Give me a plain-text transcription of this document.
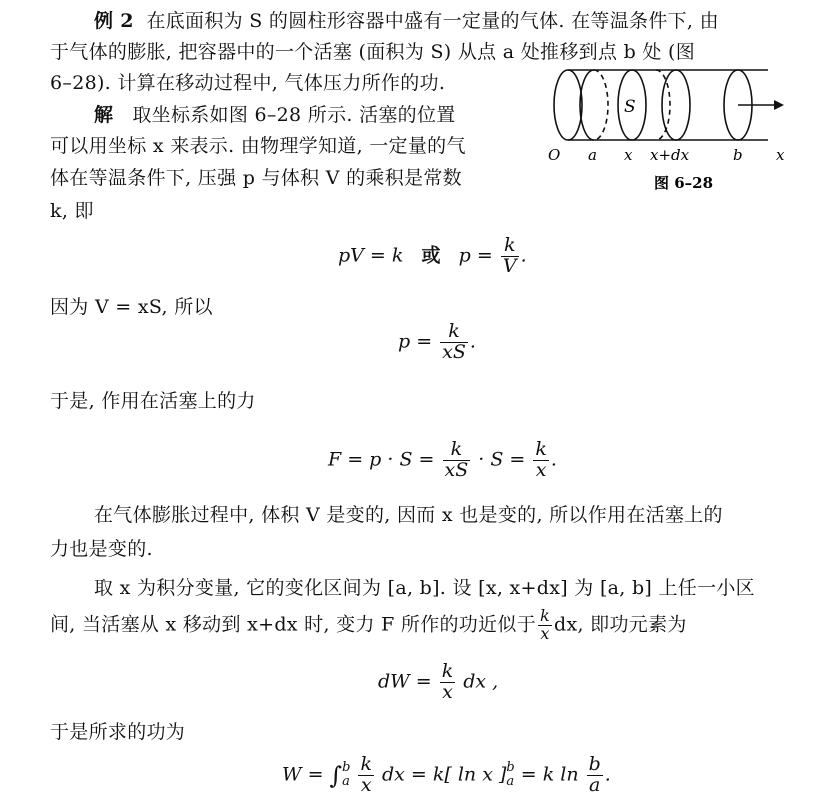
例 2 在底面积为 S 的圆柱形容器中盛有一定量的气体. 在等温条件下, 由
于气体的膨胀, 把容器中的一个活塞 (面积为 S) 从点 a 处推移到点 b 处 (图
6–28). 计算在移动过程中, 气体压力所作的功.
解 取坐标系如图 6–28 所示. 活塞的位置
可以用坐标 x 来表示. 由物理学知道, 一定量的气
体在等温条件下, 压强 p 与体积 V 的乘积是常数
k, 即
S
O a x x+dx	b x
图 6–28
pV = k 或 $p = \frac{k}{V}$ .
因为 V = xS, 所以
$p = \frac{k}{xS}$ .
于是, 作用在活塞上的力
$F = p \cdot S = \frac{k}{xS} \cdot S = \frac{k}{x}$ .
在气体膨胀过程中, 体积 V 是变的, 因而 x 也是变的, 所以作用在活塞上的
力也是变的.
取 x 为积分变量, 它的变化区间为 [a, b]. 设 [x, x+dx] 为 [a, b] 上任一小区
间, 当活塞从 x 移动到 x+dx 时, 变力 F 所作的功近似于 $\frac{k}{x}$ dx, 即功元素为
dW = $\frac{k}{x}$ dx ,
于是所求的功为
W = ∫ b
a
$\frac{k}{x}$ dx = k[ ln x ] b
a = k $\ln \frac{b}{a}$ .
